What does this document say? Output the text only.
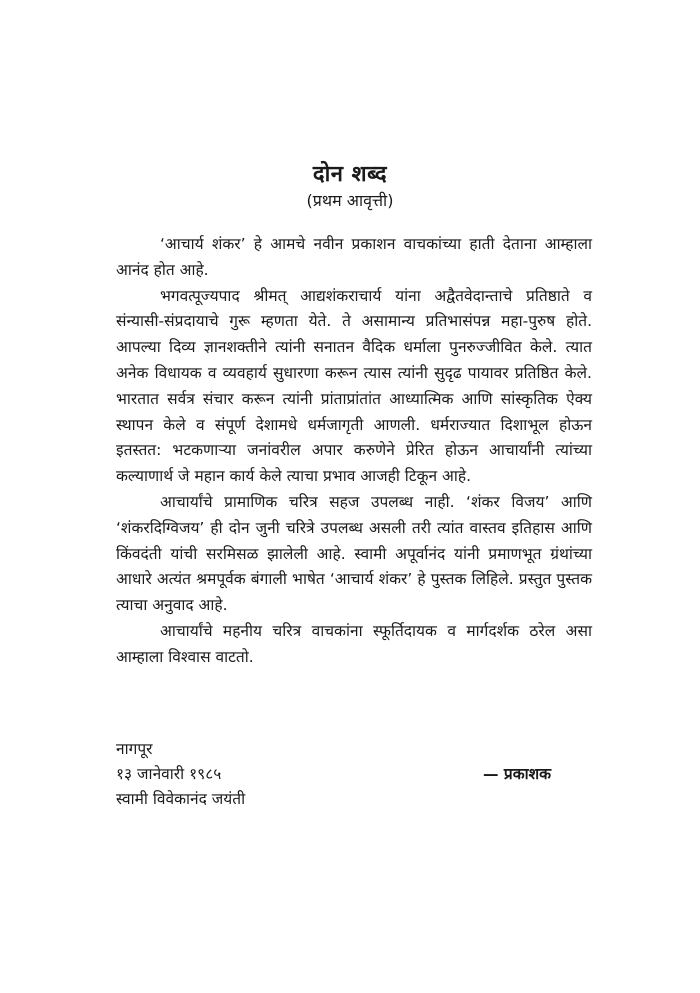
दोन शब्द
(प्रथम आवृत्ती)

‘आचार्य शंकर’ हे आमचे नवीन प्रकाशन वाचकांच्या हाती देताना आम्हाला आनंद होत आहे.

भगवत्पूज्यपाद श्रीमत् आद्यशंकराचार्य यांना अद्वैतवेदान्ताचे प्रतिष्ठाते व संन्यासी-संप्रदायाचे गुरू म्हणता येते. ते असामान्य प्रतिभासंपन्न महा-पुरुष होते. आपल्या दिव्य ज्ञानशक्तीने त्यांनी सनातन वैदिक धर्माला पुनरुज्जीवित केले. त्यात अनेक विधायक व व्यवहार्य सुधारणा करून त्यास त्यांनी सुदृढ पायावर प्रतिष्ठित केले. भारतात सर्वत्र संचार करून त्यांनी प्रांताप्रांतांत आध्यात्मिक आणि सांस्कृतिक ऐक्य स्थापन केले व संपूर्ण देशामधे धर्मजागृती आणली. धर्मराज्यात दिशाभूल होऊन इतस्तत: भटकणाऱ्या जनांवरील अपार करुणेने प्रेरित होऊन आचार्यांनी त्यांच्या कल्याणार्थ जे महान कार्य केले त्याचा प्रभाव आजही टिकून आहे.

आचार्यांचे प्रामाणिक चरित्र सहज उपलब्ध नाही. ‘शंकर विजय’ आणि ‘शंकरदिग्विजय’ ही दोन जुनी चरित्रे उपलब्ध असली तरी त्यांत वास्तव इतिहास आणि किंवदंती यांची सरमिसळ झालेली आहे. स्वामी अपूर्वानंद यांनी प्रमाणभूत ग्रंथांच्या आधारे अत्यंत श्रमपूर्वक बंगाली भाषेत ‘आचार्य शंकर’ हे पुस्तक लिहिले. प्रस्तुत पुस्तक त्याचा अनुवाद आहे.

आचार्यांचे महनीय चरित्र वाचकांना स्फूर्तिदायक व मार्गदर्शक ठरेल असा आम्हाला विश्वास वाटतो.

नागपूर
१३ जानेवारी १९८५
स्वामी विवेकानंद जयंती
— प्रकाशक
